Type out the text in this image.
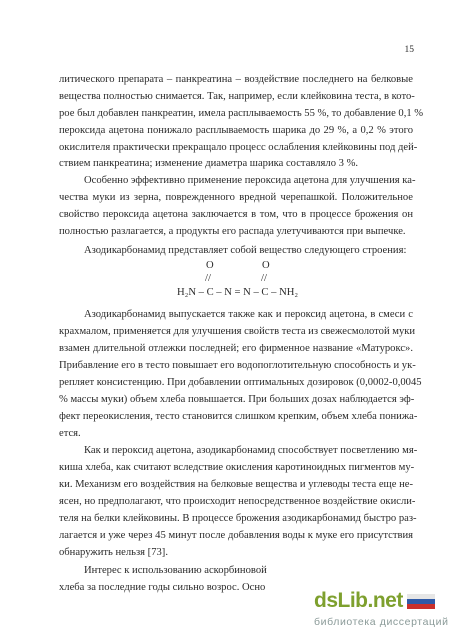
15
литического препарата – панкреатина – воздействие последнего на белковые
вещества полностью снимается. Так, например, если клейковина теста, в кото-
рое был добавлен панкреатин, имела расплываемость 55 %, то добавление 0,1 %
пероксида ацетона понижало расплываемость шарика до 29 %, а 0,2 % этого
окислителя практически прекращало процесс ослабления клейковины под дей-
ствием панкреатина; изменение диаметра шарика составляло 3 %.
Особенно эффективно применение пероксида ацетона для улучшения ка-
чества муки из зерна, поврежденного вредной черепашкой. Положительное
свойство пероксида ацетона заключается в том, что в процессе брожения он
полностью разлагается, а продукты его распада улетучиваются при выпечке.
Азодикарбонамид представляет собой вещество следующего строения:
O	O
//	//
H₂N – C – N = N – C – NH₂
Азодикарбонамид выпускается также как и пероксид ацетона, в смеси с
крахмалом, применяется для улучшения свойств теста из свежесмолотой муки
взамен длительной отлежки последней; его фирменное название «Матурокс».
Прибавление его в тесто повышает его водопоглотительную способность и ук-
репляет консистенцию. При добавлении оптимальных дозировок (0,0002-0,0045
% массы муки) объем хлеба повышается. При больших дозах наблюдается эф-
фект переокисления, тесто становится слишком крепким, объем хлеба понижа-
ется.
Как и пероксид ацетона, азодикарбонамид способствует посветлению мя-
киша хлеба, как считают вследствие окисления каротиноидных пигментов му-
ки. Механизм его воздействия на белковые вещества и углеводы теста еще не-
ясен, но предполагают, что происходит непосредственное воздействие окисли-
теля на белки клейковины. В процессе брожения азодикарбонамид быстро раз-
лагается и уже через 45 минут после добавления воды к муке его присутствия
обнаружить нельзя [73].
Интерес к использованию аскорбиновой
хлеба за последние годы сильно возрос. Осно
dsLib.net
библиотека диссертаций
